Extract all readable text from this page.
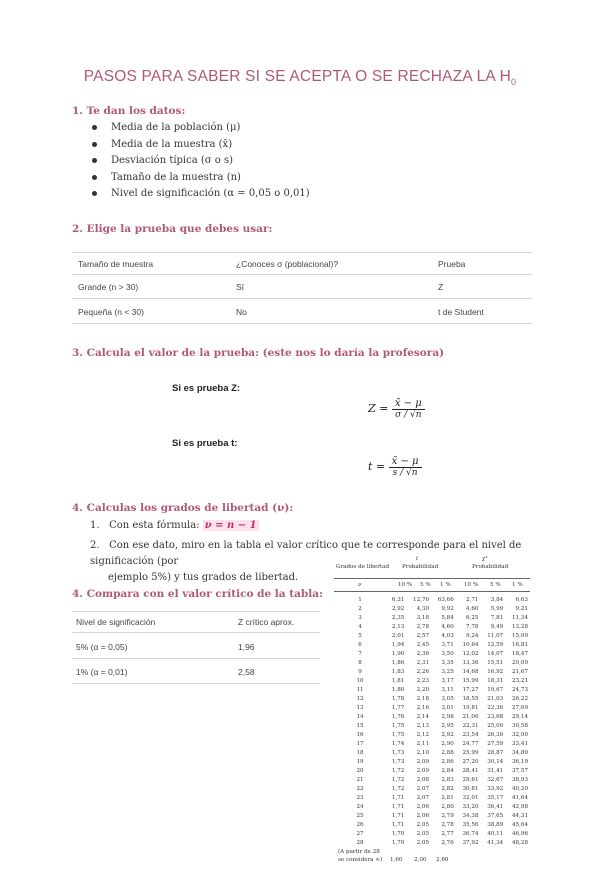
PASOS PARA SABER SI SE ACEPTA O SE RECHAZA LA $H_0$
1. Te dan los datos:
Media de la población (μ)
Media de la muestra (x̄)
Desviación típica (σ o s)
Tamaño de la muestra (n)
Nivel de significación (α = 0,05 o 0,01)
2. Elige la prueba que debes usar:
Tamaño de muestra	¿Conoces σ (poblacional)?	Prueba
Grande (n > 30)	Sí	Z
Pequeña (n < 30)	No	t de Student
3. Calcula el valor de la prueba: (este nos lo daría la profesora)
Si es prueba Z:
$Z = \frac{x̄ - \mu}{\sigma / √n}$
Si es prueba t:
$t = \frac{x̄ - \mu}{s / √n}$
4. Calculas los grados de libertad (ν):
1. Con esta fórmula: ν = n − 1
2. Con ese dato, miro en la tabla el valor crítico que te corresponde para el nivel de significación (por
ejemplo 5%) y tus grados de libertad.
4. Compara con el valor crítico de la tabla:
Nivel de significación	Z crítico aprox.
5% (α = 0,05)	1,96
1% (α = 0,01)	2,58
Grados de libertad
t
Probabilidad
χ²
Probabilidad
ν	10 % 5 % 1 % 10 % 5 % 1 %
1	6,31	12,70	63,66	2,71	3,84	6,63
2	2,92	4,30	9,92	4,60	5,99	9,21
3	2,35	3,18	5,84	6,25	7,81	11,34
4	2,13	2,78	4,60	7,78	9,49	13,28
5	2,01	2,57	4,03	9,24	11,07	15,09
6	1,94	2,45	3,71	10,64	12,59	16,81
7	1,90	2,36	3,50	12,02	14,07	18,47
8	1,86	2,31	3,35	13,36	15,51	20,09
9	1,83	2,26	3,25	14,68	16,92	21,67
10	1,81	2,23	3,17	15,99	18,31	23,21
11	1,80	2,20	3,11	17,27	19,67	24,73
12	1,78	2,18	3,05	18,55	21,03	26,22
13	1,77	2,16	3,01	19,81	22,36	27,69
14	1,76	2,14	2,98	21,06	23,68	29,14
15	1,75	2,13	2,95	22,31	25,00	30,58
16	1,75	2,12	2,92	23,54	26,30	32,00
17	1,74	2,11	2,90	24,77	27,59	33,41
18	1,73	2,10	2,88	25,99	28,87	34,80
19	1,73	2,09	2,86	27,20	30,14	36,19
20	1,72	2,09	2,84	28,41	31,41	37,57
21	1,72	2,08	2,83	29,61	32,67	38,93
22	1,72	2,07	2,82	30,81	33,92	40,29
23	1,71	2,07	2,81	32,01	35,17	41,64
24	1,71	2,06	2,80	33,20	36,41	42,98
25	1,71	2,06	2,79	34,38	37,65	44,31
26	1,71	2,05	2,78	35,56	38,89	45,64
27	1,70	2,05	2,77	36,74	40,11	46,96
28	1,70	2,05	2,76	37,92	41,34	48,28
(A partir de 28
se considera ∞) 1,60 2,00 2,60
